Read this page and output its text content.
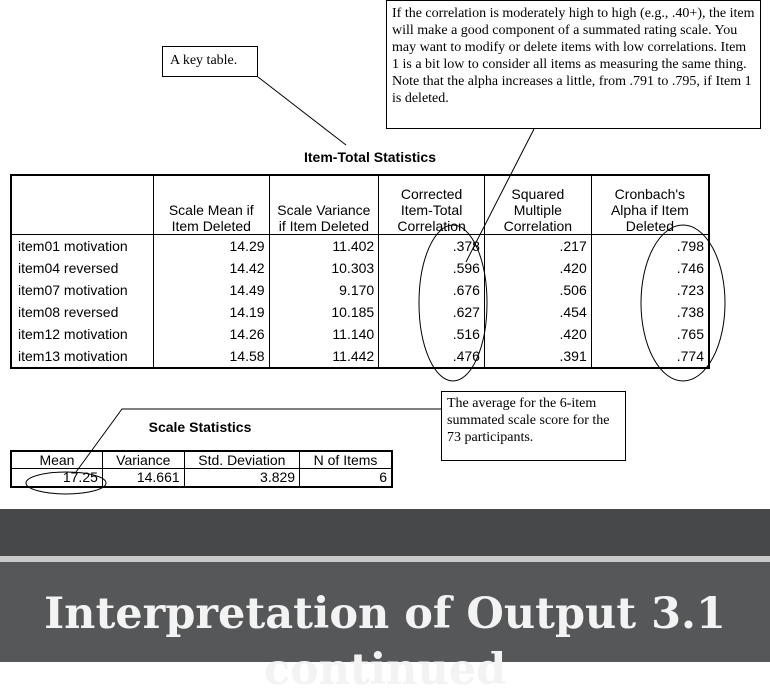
A key table.
If the correlation is moderately high to high (e.g., .40+), the item will make a good component of a summated rating scale. You may want to modify or delete items with low correlations. Item 1 is a bit low to consider all items as measuring the same thing. Note that the alpha increases a little, from .791 to .795, if Item 1 is deleted.
Item-Total Statistics
	Scale Mean if Item Deleted	Scale Variance if Item Deleted	Corrected Item-Total Correlation	Squared Multiple Correlation	Cronbach's Alpha if Item Deleted
item01 motivation	14.29	11.402	.378	.217	.798
item04 reversed	14.42	10.303	.596	.420	.746
item07 motivation	14.49	9.170	.676	.506	.723
item08 reversed	14.19	10.185	.627	.454	.738
item12 motivation	14.26	11.140	.516	.420	.765
item13 motivation	14.58	11.442	.476	.391	.774
The average for the 6-item summated scale score for the 73 participants.
Scale Statistics
Mean	Variance	Std. Deviation	N of Items
17.25	14.661	3.829	6
Interpretation of Output 3.1
continued
